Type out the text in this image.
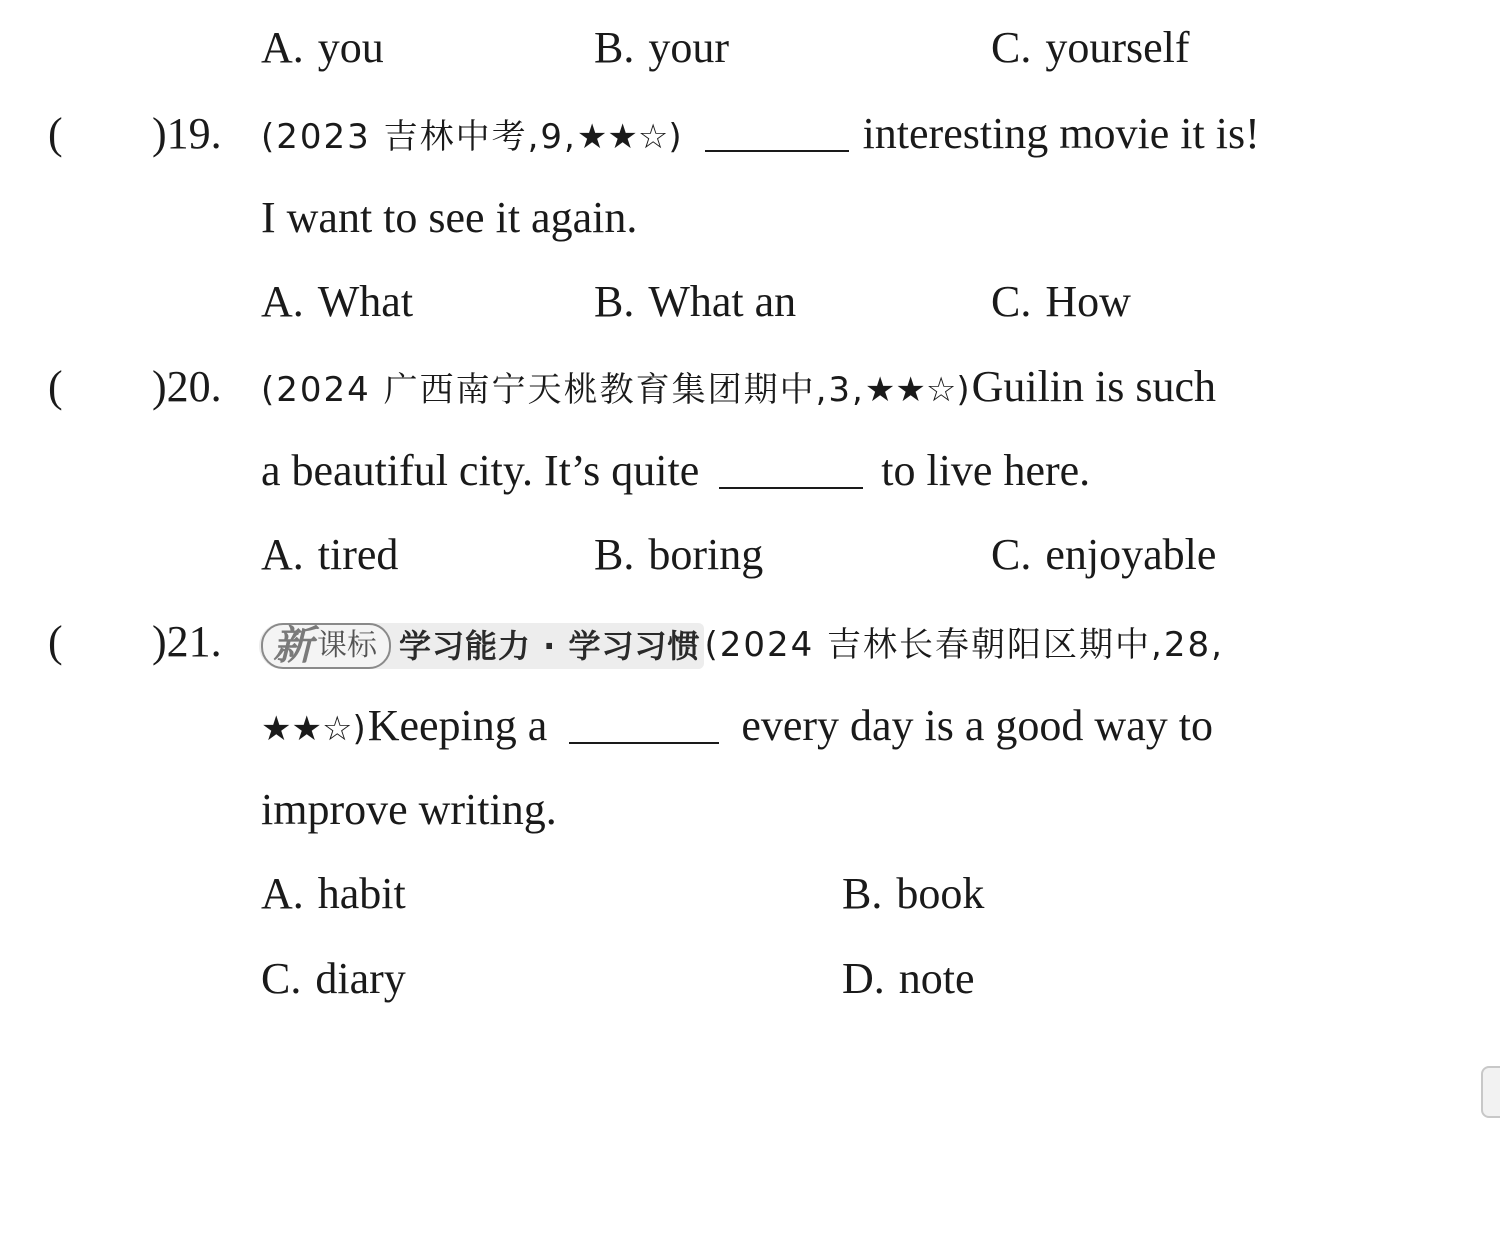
A. you	B. your	C. yourself
( )19. (2023 吉林中考,9,★★☆)	interesting movie it is!
I want to see it again.
A. What	B. What an	C. How
( )20. (2024 广西南宁天桃教育集团期中,3,★★☆)Guilin is such
a beautiful city. It’s quite	to live here.
A. tired	B. boring	C. enjoyable
( )21. 新 课标 学习能力 · 学习习惯 (2024 吉林长春朝阳区期中,28,
★★☆)Keeping a	every day is a good way to
improve writing.
A. habit	B. book
C. diary	D. note
